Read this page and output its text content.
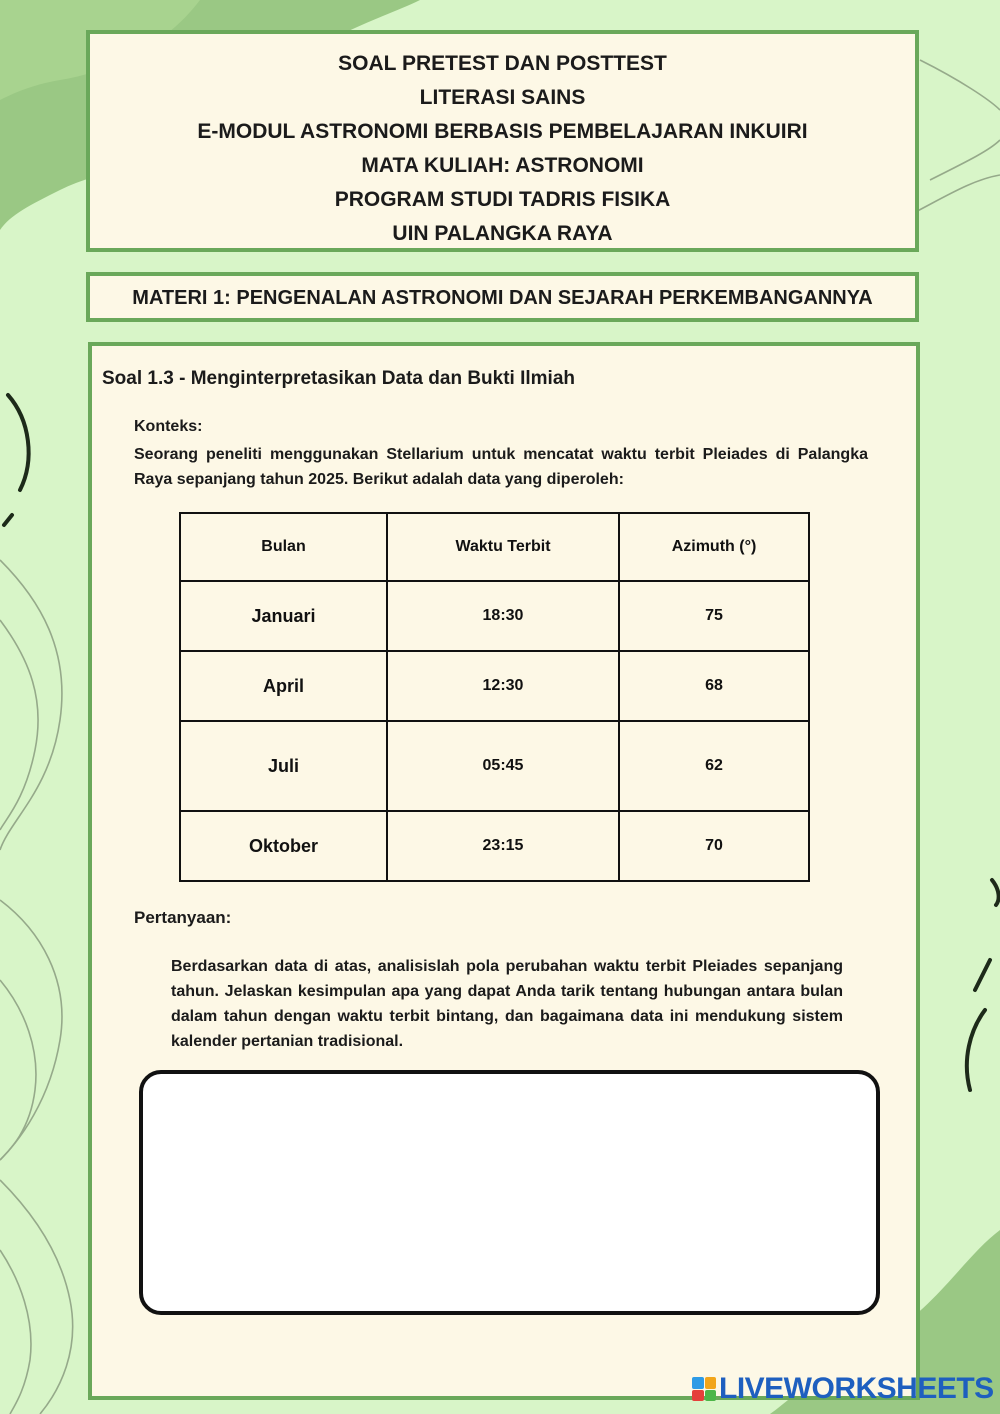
SOAL PRETEST DAN POSTTEST
LITERASI SAINS
E-MODUL ASTRONOMI BERBASIS PEMBELAJARAN INKUIRI
MATA KULIAH: ASTRONOMI
PROGRAM STUDI TADRIS FISIKA
UIN PALANGKA RAYA
MATERI 1: PENGENALAN ASTRONOMI DAN SEJARAH PERKEMBANGANNYA
Soal 1.3 - Menginterpretasikan Data dan Bukti Ilmiah
Konteks:
Seorang peneliti menggunakan Stellarium untuk mencatat waktu terbit Pleiades di Palangka Raya sepanjang tahun 2025. Berikut adalah data yang diperoleh:
Bulan	Waktu Terbit	Azimuth (°)
Januari	18:30	75
April	12:30	68
Juli	05:45	62
Oktober	23:15	70
Pertanyaan:
Berdasarkan data di atas, analisislah pola perubahan waktu terbit Pleiades sepanjang tahun. Jelaskan kesimpulan apa yang dapat Anda tarik tentang hubungan antara bulan dalam tahun dengan waktu terbit bintang, dan bagaimana data ini mendukung sistem kalender pertanian tradisional.
LIVEWORKSHEETS
